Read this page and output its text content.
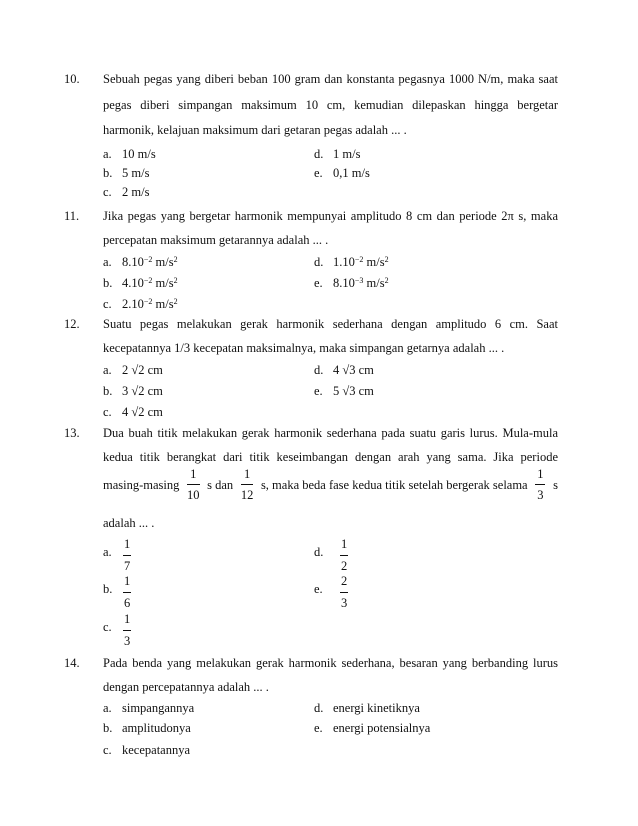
10. Sebuah pegas yang diberi beban 100 gram dan konstanta pegasnya 1000 N/m, maka saat
pegas diberi simpangan maksimum 10 cm, kemudian dilepaskan hingga bergetar
harmonik, kelajuan maksimum dari getaran pegas adalah ... .
a. 10 m/s	d. 1 m/s
b. 5 m/s	e. 0,1 m/s
c. 2 m/s
11. Jika pegas yang bergetar harmonik mempunyai amplitudo 8 cm dan periode 2π s, maka
percepatan maksimum getarannya adalah ... .
a. $8.10^{-2}$ $m/s^2$	d. $1.10^{-2}$ $m/s^2$
b. $4.10^{-2}$ $m/s^2$	e. $8.10^{-3}$ $m/s^2$
c. $2.10^{-2}$ $m/s^2$
12. Suatu pegas melakukan gerak harmonik sederhana dengan amplitudo 6 cm. Saat
kecepatannya 1/3 kecepatan maksimalnya, maka simpangan getarnya adalah ... .
a. 2 √2 cm	d. 4 √3 cm
b. 3 √2 cm	e. 5 √3 cm
c. 4 √2 cm
13. Dua buah titik melakukan gerak harmonik sederhana pada suatu garis lurus. Mula-mula
kedua titik berangkat dari titik keseimbangan dengan arah yang sama. Jika periode
$masing-masing \frac{1}{10}$ s dan $\frac{1}{12} s$, maka beda fase kedua titik setelah bergerak selama $\frac{1}{3}$ s
adalah ... .
a.
1
7
d.
1
2
b.
1
6
e.
2
3
c.
1
3
14. Pada benda yang melakukan gerak harmonik sederhana, besaran yang berbanding lurus
dengan percepatannya adalah ... .
a. simpangannya	d. energi kinetiknya
b. amplitudonya	e. energi potensialnya
c. kecepatannya
